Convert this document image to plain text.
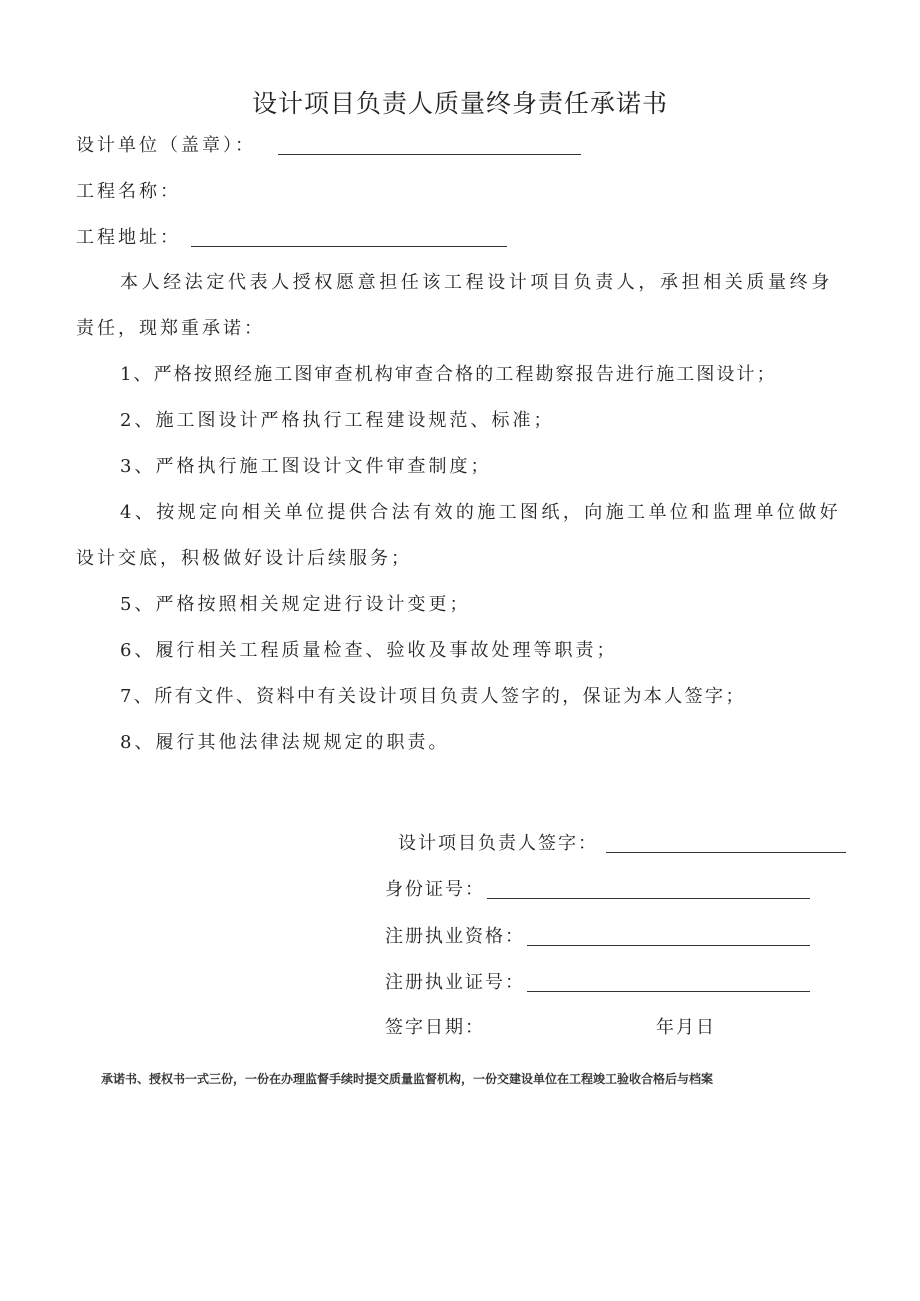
设计项目负责人质量终身责任承诺书
设计单位（盖章）：
工程名称：
工程地址：
本人经法定代表人授权愿意担任该工程设计项目负责人，承担相关质量终身
责任，现郑重承诺：
1、严格按照经施工图审查机构审查合格的工程勘察报告进行施工图设计；
2、施工图设计严格执行工程建设规范、标准；
3、严格执行施工图设计文件审查制度；
4、按规定向相关单位提供合法有效的施工图纸，向施工单位和监理单位做好
设计交底，积极做好设计后续服务；
5、严格按照相关规定进行设计变更；
6、履行相关工程质量检查、验收及事故处理等职责；
7、所有文件、资料中有关设计项目负责人签字的，保证为本人签字；
8、履行其他法律法规规定的职责。
设计项目负责人签字：
身份证号：
注册执业资格：
注册执业证号：
签字日期：	年月日
承诺书、授权书一式三份，一份在办理监督手续时提交质量监督机构，一份交建设单位在工程竣工验收合格后与档案
